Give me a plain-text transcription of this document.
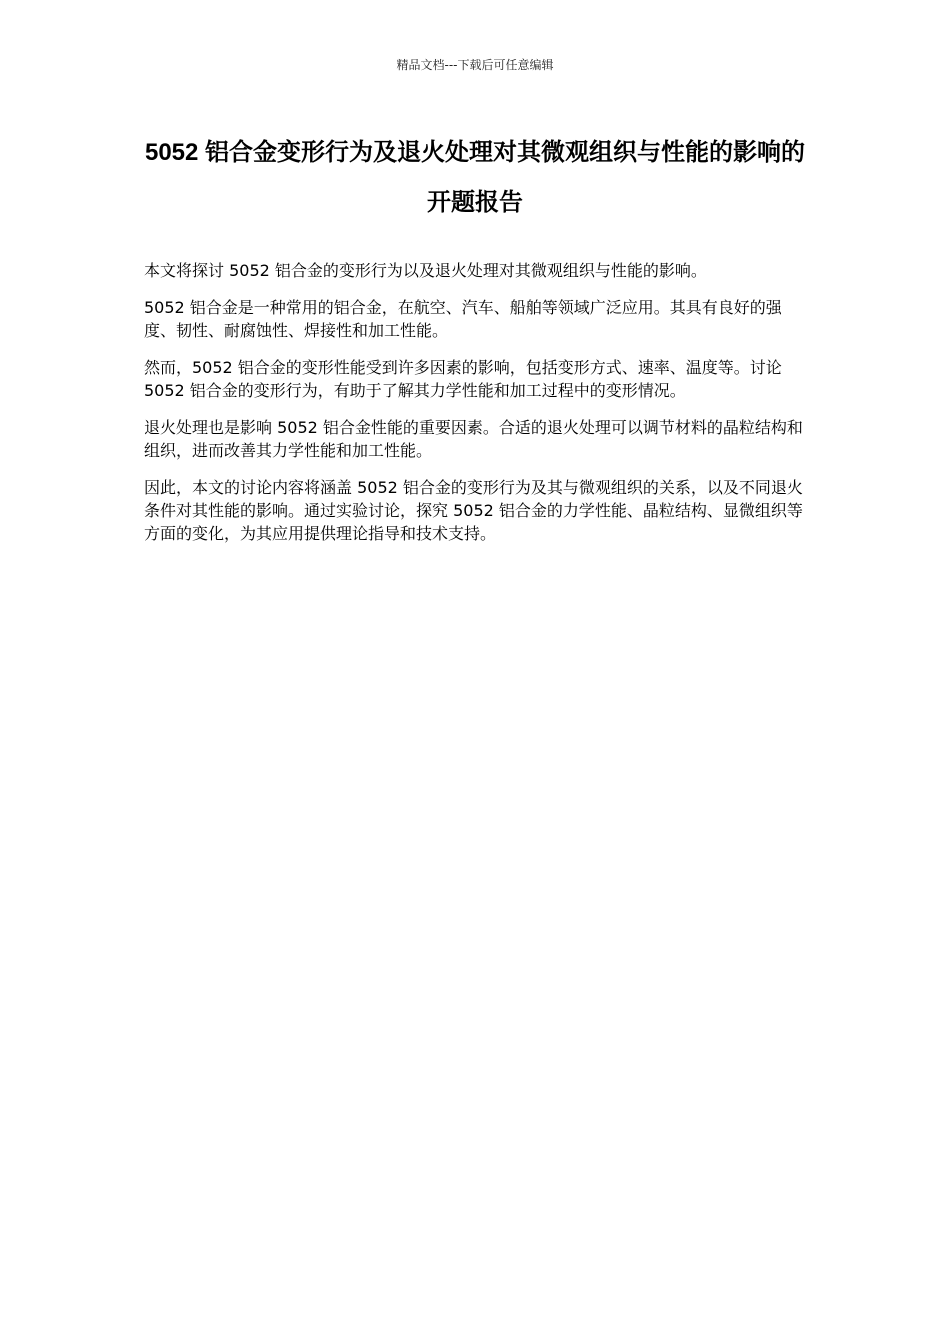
精品文档---下载后可任意编辑
5052 铝合金变形行为及退火处理对其微观组织与性能的影响的开题报告

本文将探讨 5052 铝合金的变形行为以及退火处理对其微观组织与性能的影响。

5052 铝合金是一种常用的铝合金，在航空、汽车、船舶等领域广泛应用。其具有良好的强度、韧性、耐腐蚀性、焊接性和加工性能。

然而，5052 铝合金的变形性能受到许多因素的影响，包括变形方式、速率、温度等。讨论 5052 铝合金的变形行为，有助于了解其力学性能和加工过程中的变形情况。

退火处理也是影响 5052 铝合金性能的重要因素。合适的退火处理可以调节材料的晶粒结构和组织，进而改善其力学性能和加工性能。

因此，本文的讨论内容将涵盖 5052 铝合金的变形行为及其与微观组织的关系，以及不同退火条件对其性能的影响。通过实验讨论，探究 5052 铝合金的力学性能、晶粒结构、显微组织等方面的变化，为其应用提供理论指导和技术支持。
